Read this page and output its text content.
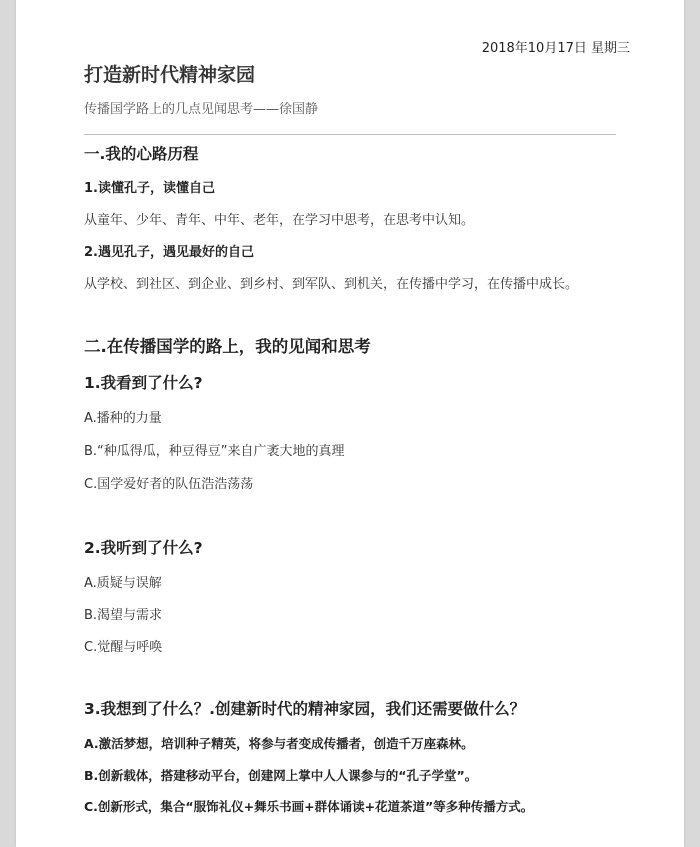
2018年10月17日 星期三
打造新时代精神家园
传播国学路上的几点见闻思考——徐国静
一.我的心路历程
1.读懂孔子，读懂自己
从童年、少年、青年、中年、老年，在学习中思考，在思考中认知。
2.遇见孔子，遇见最好的自己
从学校、到社区、到企业、到乡村、到军队、到机关，在传播中学习，在传播中成长。
二.在传播国学的路上，我的见闻和思考
1.我看到了什么?
A.播种的力量
B.“种瓜得瓜，种豆得豆”来自广袤大地的真理
C.国学爱好者的队伍浩浩荡荡
2.我听到了什么?
A.质疑与误解
B.渴望与需求
C.觉醒与呼唤
3.我想到了什么？.创建新时代的精神家园，我们还需要做什么？
A.激活梦想，培训种子精英，将参与者变成传播者，创造千万座森林。
B.创新载体，搭建移动平台，创建网上掌中人人课参与的“孔子学堂”。
C.创新形式，集合“服饰礼仪+舞乐书画+群体诵读+花道茶道”等多种传播方式。
